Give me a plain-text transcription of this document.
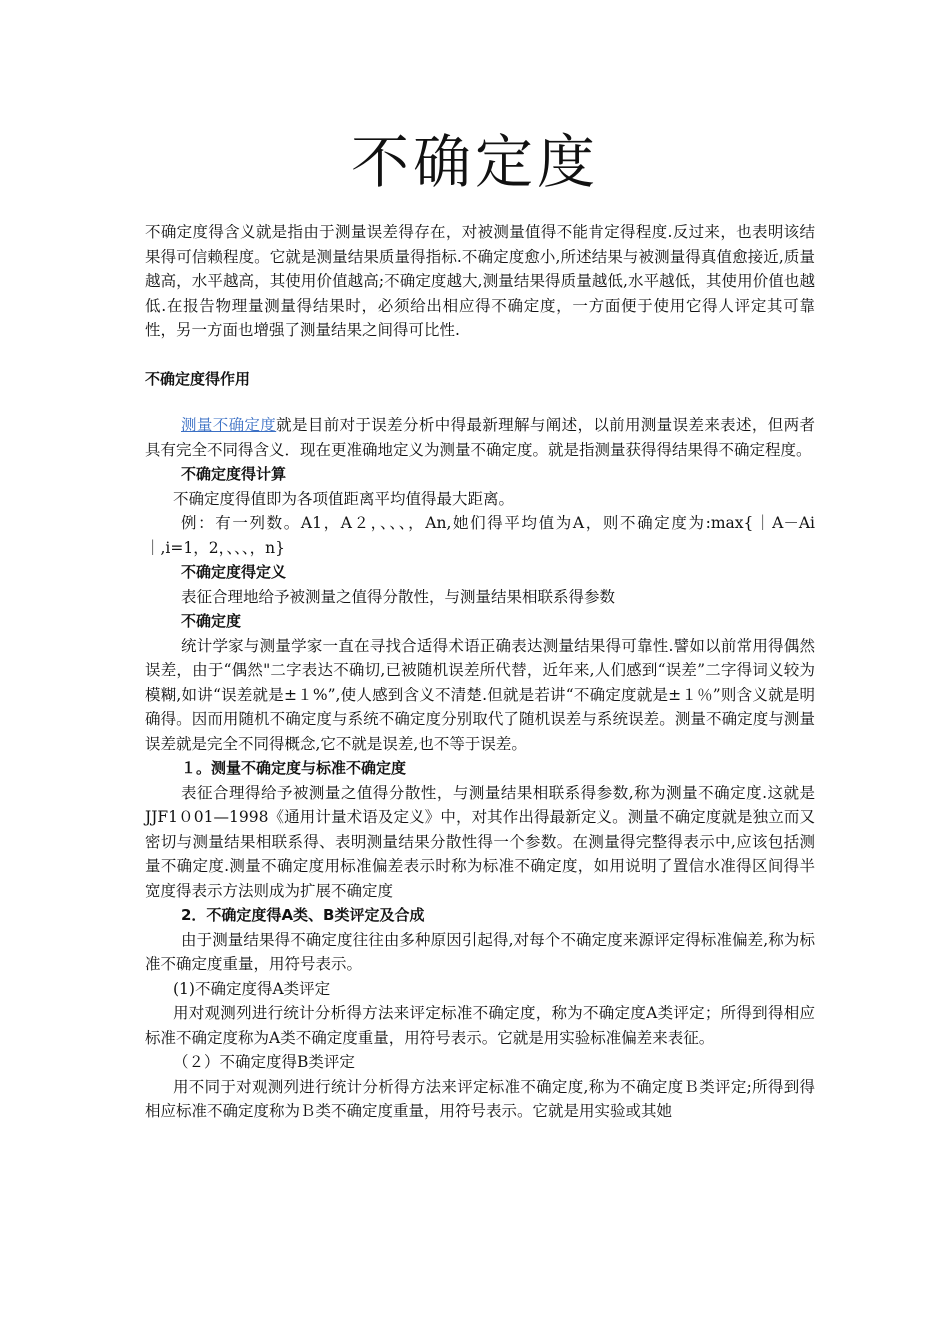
不确定度

不确定度得含义就是指由于测量误差得存在，对被测量值得不能肯定得程度.反过来，也表明该结果得可信赖程度。它就是测量结果质量得指标.不确定度愈小,所述结果与被测量得真值愈接近,质量越高，水平越高，其使用价值越高;不确定度越大,测量结果得质量越低,水平越低，其使用价值也越低.在报告物理量测量得结果时，必须给出相应得不确定度，一方面便于使用它得人评定其可靠性，另一方面也增强了测量结果之间得可比性.

不确定度得作用

测量不确定度就是目前对于误差分析中得最新理解与阐述，以前用测量误差来表述，但两者具有完全不同得含义．现在更准确地定义为测量不确定度。就是指测量获得得结果得不确定程度。

不确定度得计算

不确定度得值即为各项值距离平均值得最大距离。

例：有一列数。A1，A２，、、、，An,她们得平均值为A，则不确定度为:max{｜A－Ai｜,i=1，2，、、、，n}

不确定度得定义

表征合理地给予被测量之值得分散性，与测量结果相联系得参数

不确定度

统计学家与测量学家一直在寻找合适得术语正确表达测量结果得可靠性.譬如以前常用得偶然误差，由于“偶然"二字表达不确切,已被随机误差所代替，近年来,人们感到“误差”二字得词义较为模糊,如讲“误差就是±１%”,使人感到含义不清楚.但就是若讲“不确定度就是±１％”则含义就是明确得。因而用随机不确定度与系统不确定度分别取代了随机误差与系统误差。测量不确定度与测量误差就是完全不同得概念,它不就是误差,也不等于误差。

１。测量不确定度与标准不确定度

表征合理得给予被测量之值得分散性，与测量结果相联系得参数,称为测量不确定度.这就是JJF1０01—1998《通用计量术语及定义》中，对其作出得最新定义。测量不确定度就是独立而又密切与测量结果相联系得、表明测量结果分散性得一个参数。在测量得完整得表示中,应该包括测量不确定度.测量不确定度用标准偏差表示时称为标准不确定度，如用说明了置信水准得区间得半宽度得表示方法则成为扩展不确定度

2．不确定度得A类、B类评定及合成

由于测量结果得不确定度往往由多种原因引起得,对每个不确定度来源评定得标准偏差,称为标准不确定度重量，用符号表示。

(1)不确定度得A类评定

用对观测列进行统计分析得方法来评定标准不确定度，称为不确定度A类评定；所得到得相应标准不确定度称为A类不确定度重量，用符号表示。它就是用实验标准偏差来表征。

（２）不确定度得B类评定

用不同于对观测列进行统计分析得方法来评定标准不确定度,称为不确定度Ｂ类评定;所得到得相应标准不确定度称为Ｂ类不确定度重量，用符号表示。它就是用实验或其她
